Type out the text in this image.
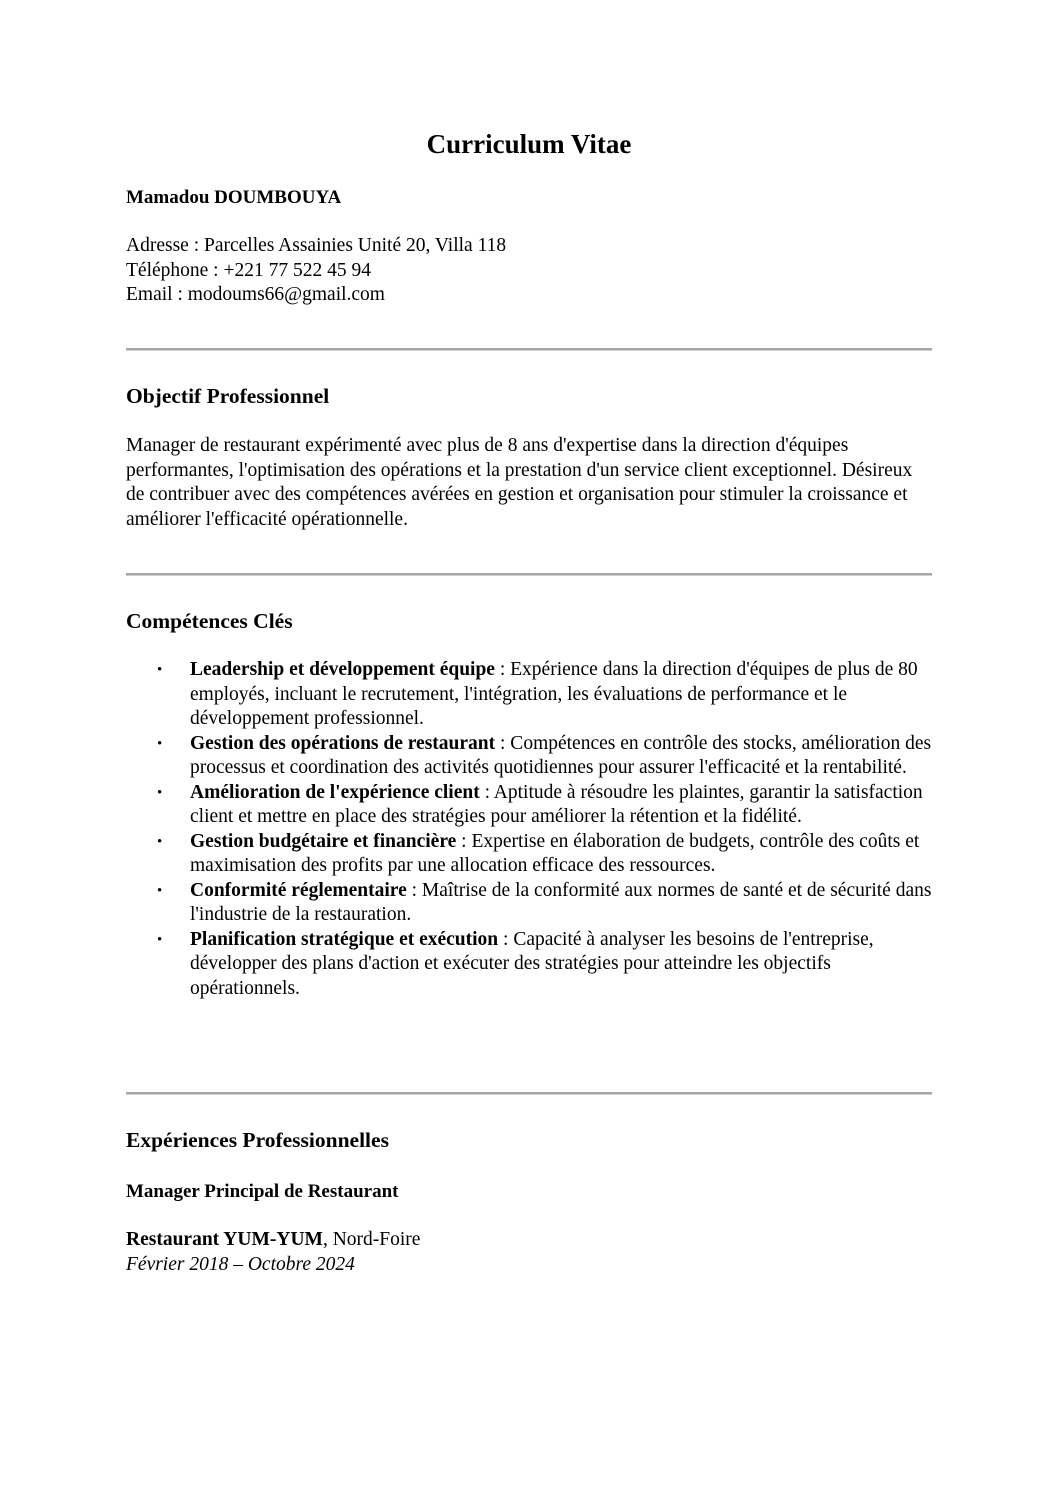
Curriculum Vitae

Mamadou DOUMBOUYA

Adresse : Parcelles Assainies Unité 20, Villa 118
Téléphone : +221 77 522 45 94
Email : modoums66@gmail.com
Objectif Professionnel

Manager de restaurant expérimenté avec plus de 8 ans d'expertise dans la direction d'équipes performantes, l'optimisation des opérations et la prestation d'un service client exceptionnel. Désireux de contribuer avec des compétences avérées en gestion et organisation pour stimuler la croissance et améliorer l'efficacité opérationnelle.

Compétences Clés
• Leadership et développement équipe : Expérience dans la direction d'équipes de plus de 80 employés, incluant le recrutement, l'intégration, les évaluations de performance et le développement professionnel.
• Gestion des opérations de restaurant : Compétences en contrôle des stocks, amélioration des processus et coordination des activités quotidiennes pour assurer l'efficacité et la rentabilité.
• Amélioration de l'expérience client : Aptitude à résoudre les plaintes, garantir la satisfaction client et mettre en place des stratégies pour améliorer la rétention et la fidélité.
• Gestion budgétaire et financière : Expertise en élaboration de budgets, contrôle des coûts et maximisation des profits par une allocation efficace des ressources.
• Conformité réglementaire : Maîtrise de la conformité aux normes de santé et de sécurité dans l'industrie de la restauration.
• Planification stratégique et exécution : Capacité à analyser les besoins de l'entreprise, développer des plans d'action et exécuter des stratégies pour atteindre les objectifs opérationnels.
Expériences Professionnelles

Manager Principal de Restaurant

Restaurant YUM-YUM, Nord-Foire
Février 2018 – Octobre 2024
